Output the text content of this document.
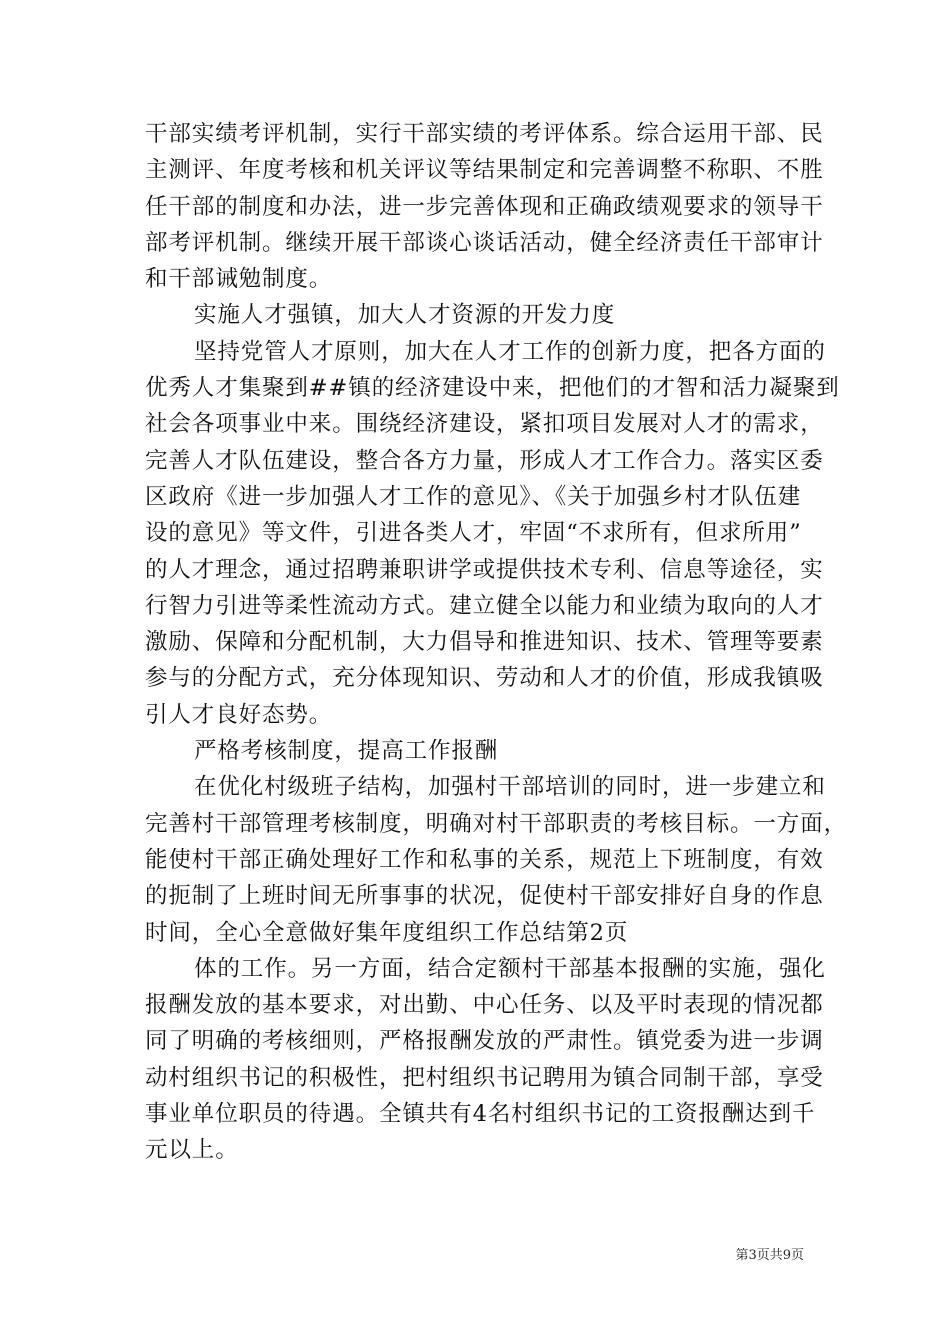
干部实绩考评机制，实行干部实绩的考评体系。综合运用干部、民
主测评、年度考核和机关评议等结果制定和完善调整不称职、不胜
任干部的制度和办法，进一步完善体现和正确政绩观要求的领导干
部考评机制。继续开展干部谈心谈话活动，健全经济责任干部审计
和干部诫勉制度。
实施人才强镇，加大人才资源的开发力度
坚持党管人才原则，加大在人才工作的创新力度，把各方面的
优秀人才集聚到##镇的经济建设中来，把他们的才智和活力凝聚到
社会各项事业中来。围绕经济建设，紧扣项目发展对人才的需求，
完善人才队伍建设，整合各方力量，形成人才工作合力。落实区委
区政府《进一步加强人才工作的意见》、《关于加强乡村才队伍建
设的意见》等文件，引进各类人才，牢固“不求所有，但求所用”
的人才理念，通过招聘兼职讲学或提供技术专利、信息等途径，实
行智力引进等柔性流动方式。建立健全以能力和业绩为取向的人才
激励、保障和分配机制，大力倡导和推进知识、技术、管理等要素
参与的分配方式，充分体现知识、劳动和人才的价值，形成我镇吸
引人才良好态势。
严格考核制度，提高工作报酬
在优化村级班子结构，加强村干部培训的同时，进一步建立和
完善村干部管理考核制度，明确对村干部职责的考核目标。一方面，
能使村干部正确处理好工作和私事的关系，规范上下班制度，有效
的扼制了上班时间无所事事的状况，促使村干部安排好自身的作息
时间，全心全意做好集年度组织工作总结第2页
体的工作。另一方面，结合定额村干部基本报酬的实施，强化
报酬发放的基本要求，对出勤、中心任务、以及平时表现的情况都
同了明确的考核细则，严格报酬发放的严肃性。镇党委为进一步调
动村组织书记的积极性，把村组织书记聘用为镇合同制干部，享受
事业单位职员的待遇。全镇共有4名村组织书记的工资报酬达到千
元以上。
第3页共9页
